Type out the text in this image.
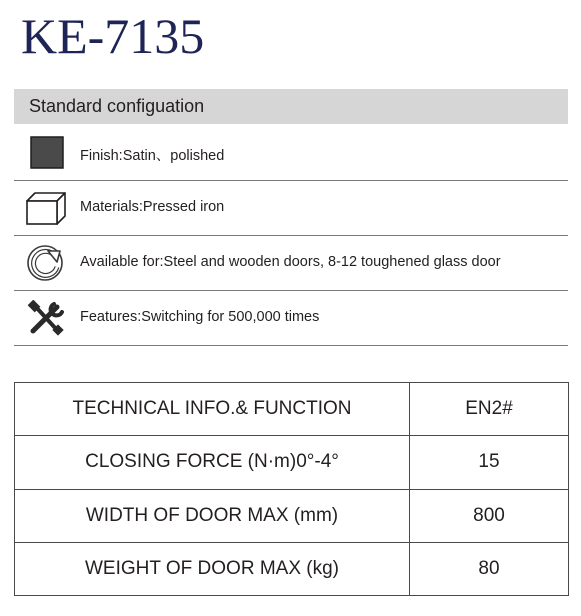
KE-7135
Standard configuation
Finish:Satin、polished
Materials:Pressed iron
Available for:Steel and wooden doors, 8-12 toughened glass door
Features:Switching for 500,000 times
TECHNICAL INFO.& FUNCTION	EN2#
CLOSING FORCE (N·m)0°-4°	15
WIDTH OF DOOR MAX (mm)	800
WEIGHT OF DOOR MAX (kg)	80
